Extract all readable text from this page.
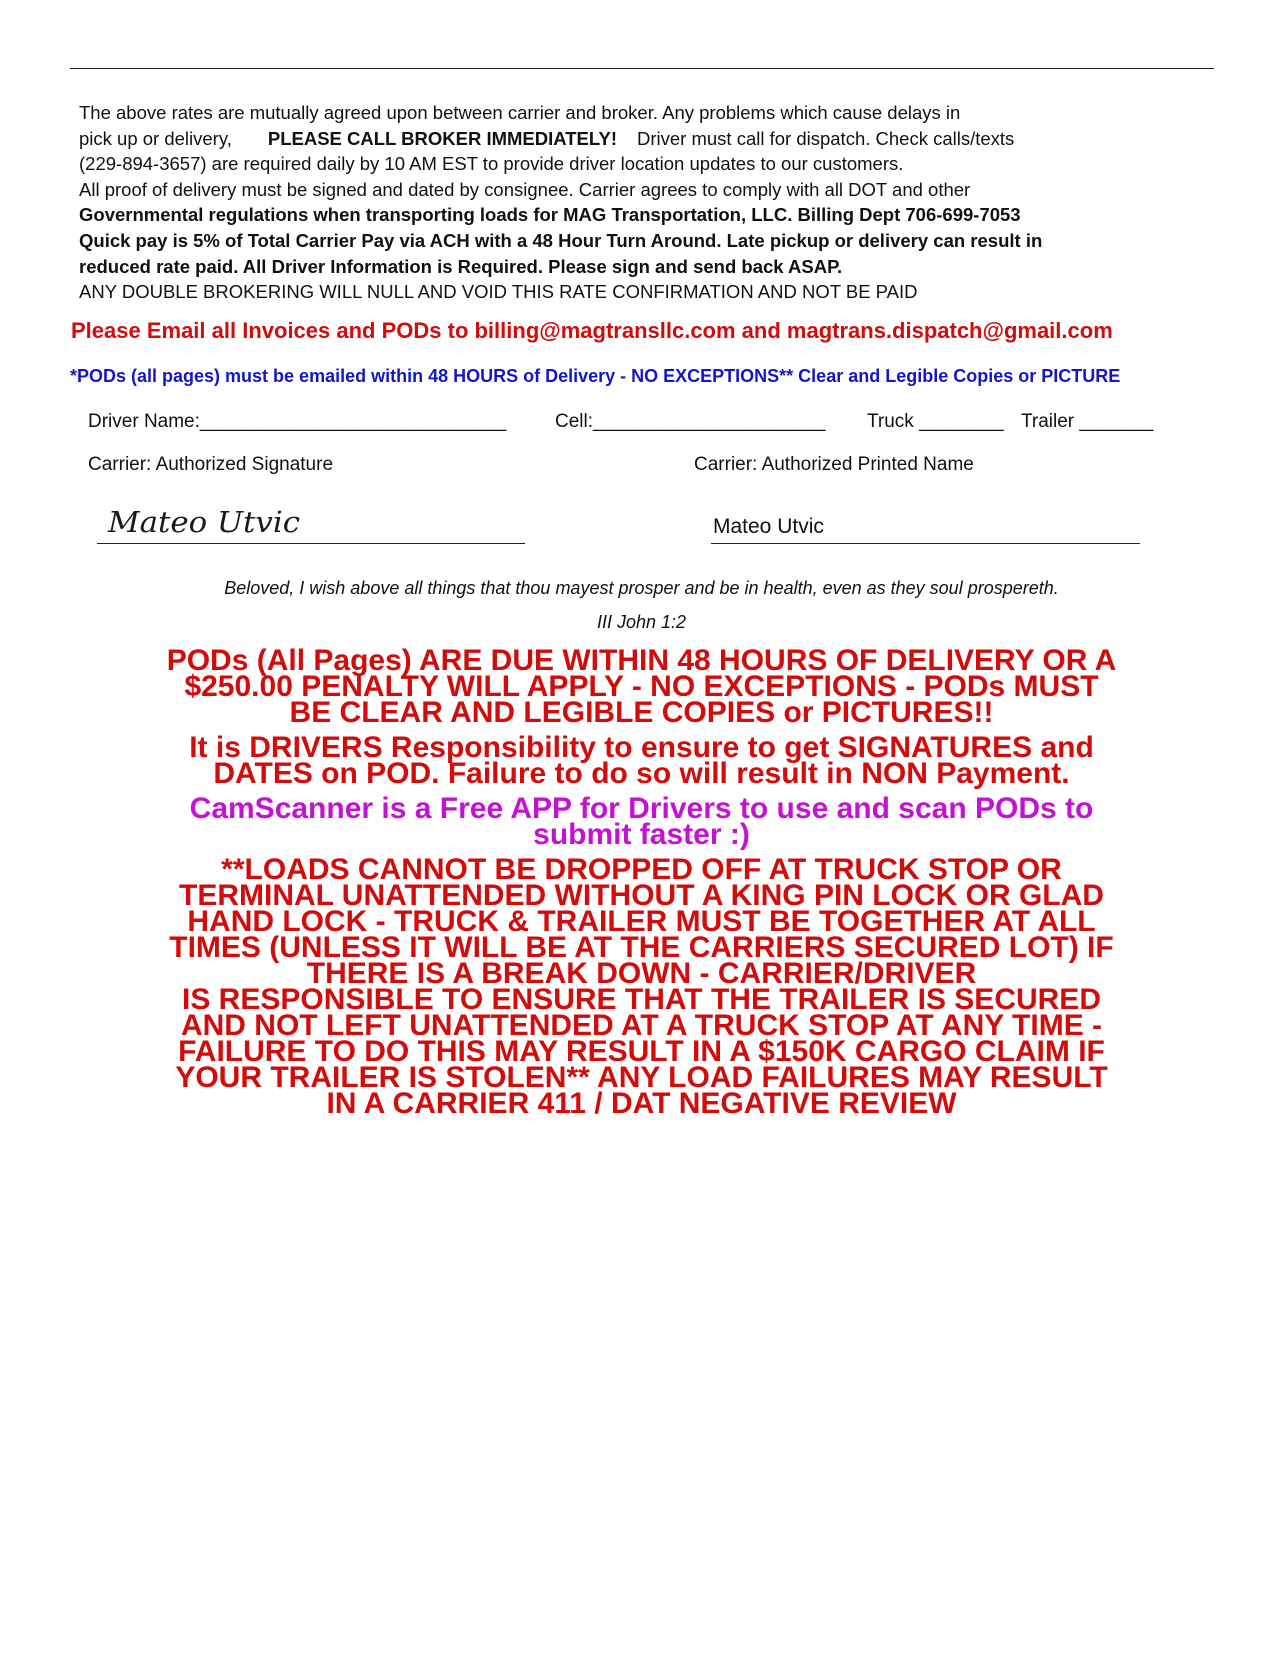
The above rates are mutually agreed upon between carrier and broker. Any problems which cause delays in
pick up or delivery, PLEASE CALL BROKER IMMEDIATELY! Driver must call for dispatch. Check calls/texts
(229-894-3657) are required daily by 10 AM EST to provide driver location updates to our customers.
All proof of delivery must be signed and dated by consignee. Carrier agrees to comply with all DOT and other
Governmental regulations when transporting loads for MAG Transportation, LLC. Billing Dept 706-699-7053
Quick pay is 5% of Total Carrier Pay via ACH with a 48 Hour Turn Around. Late pickup or delivery can result in
reduced rate paid. All Driver Information is Required. Please sign and send back ASAP.
ANY DOUBLE BROKERING WILL NULL AND VOID THIS RATE CONFIRMATION AND NOT BE PAID
Please Email all Invoices and PODs to billing@magtransllc.com and magtrans.dispatch@gmail.com
*PODs (all pages) must be emailed within 48 HOURS of Delivery - NO EXCEPTIONS** Clear and Legible Copies or PICTURE
Driver Name:_____________________________	Cell:______________________ Truck ________ Trailer _______
Carrier: Authorized Signature	Carrier: Authorized Printed Name
Mateo Utvic	Mateo Utvic
Beloved, I wish above all things that thou mayest prosper and be in health, even as they soul prospereth.
III John 1:2
PODs (All Pages) ARE DUE WITHIN 48 HOURS OF DELIVERY OR A
$250.00 PENALTY WILL APPLY - NO EXCEPTIONS - PODs MUST
BE CLEAR AND LEGIBLE COPIES or PICTURES!!
It is DRIVERS Responsibility to ensure to get SIGNATURES and
DATES on POD. Failure to do so will result in NON Payment.
CamScanner is a Free APP for Drivers to use and scan PODs to
submit faster :)
**LOADS CANNOT BE DROPPED OFF AT TRUCK STOP OR
TERMINAL UNATTENDED WITHOUT A KING PIN LOCK OR GLAD
HAND LOCK - TRUCK & TRAILER MUST BE TOGETHER AT ALL
TIMES (UNLESS IT WILL BE AT THE CARRIERS SECURED LOT) IF
THERE IS A BREAK DOWN - CARRIER/DRIVER
IS RESPONSIBLE TO ENSURE THAT THE TRAILER IS SECURED
AND NOT LEFT UNATTENDED AT A TRUCK STOP AT ANY TIME -
FAILURE TO DO THIS MAY RESULT IN A $150K CARGO CLAIM IF
YOUR TRAILER IS STOLEN** ANY LOAD FAILURES MAY RESULT
IN A CARRIER 411 / DAT NEGATIVE REVIEW
